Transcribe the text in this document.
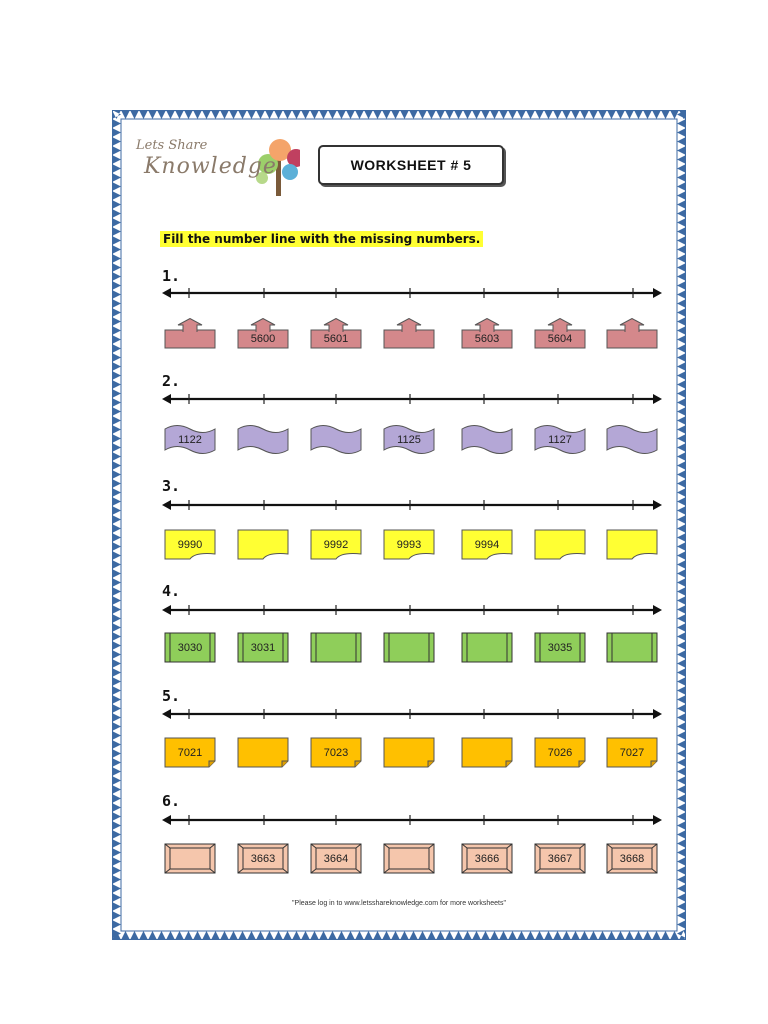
Lets Share
Knowledge	WORKSHEET # 5
Fill the number line with the missing numbers.
1.
5600	5601	5603	5604
2.
1122	1125	1127
3.
9990	9992	9993	9994
4.
3030	3031	3035
5.
7021	7023	7026	7027
6.
3663	3664	3666	3667	3668
"Please log in to www.letsshareknowledge.com for more worksheets"
